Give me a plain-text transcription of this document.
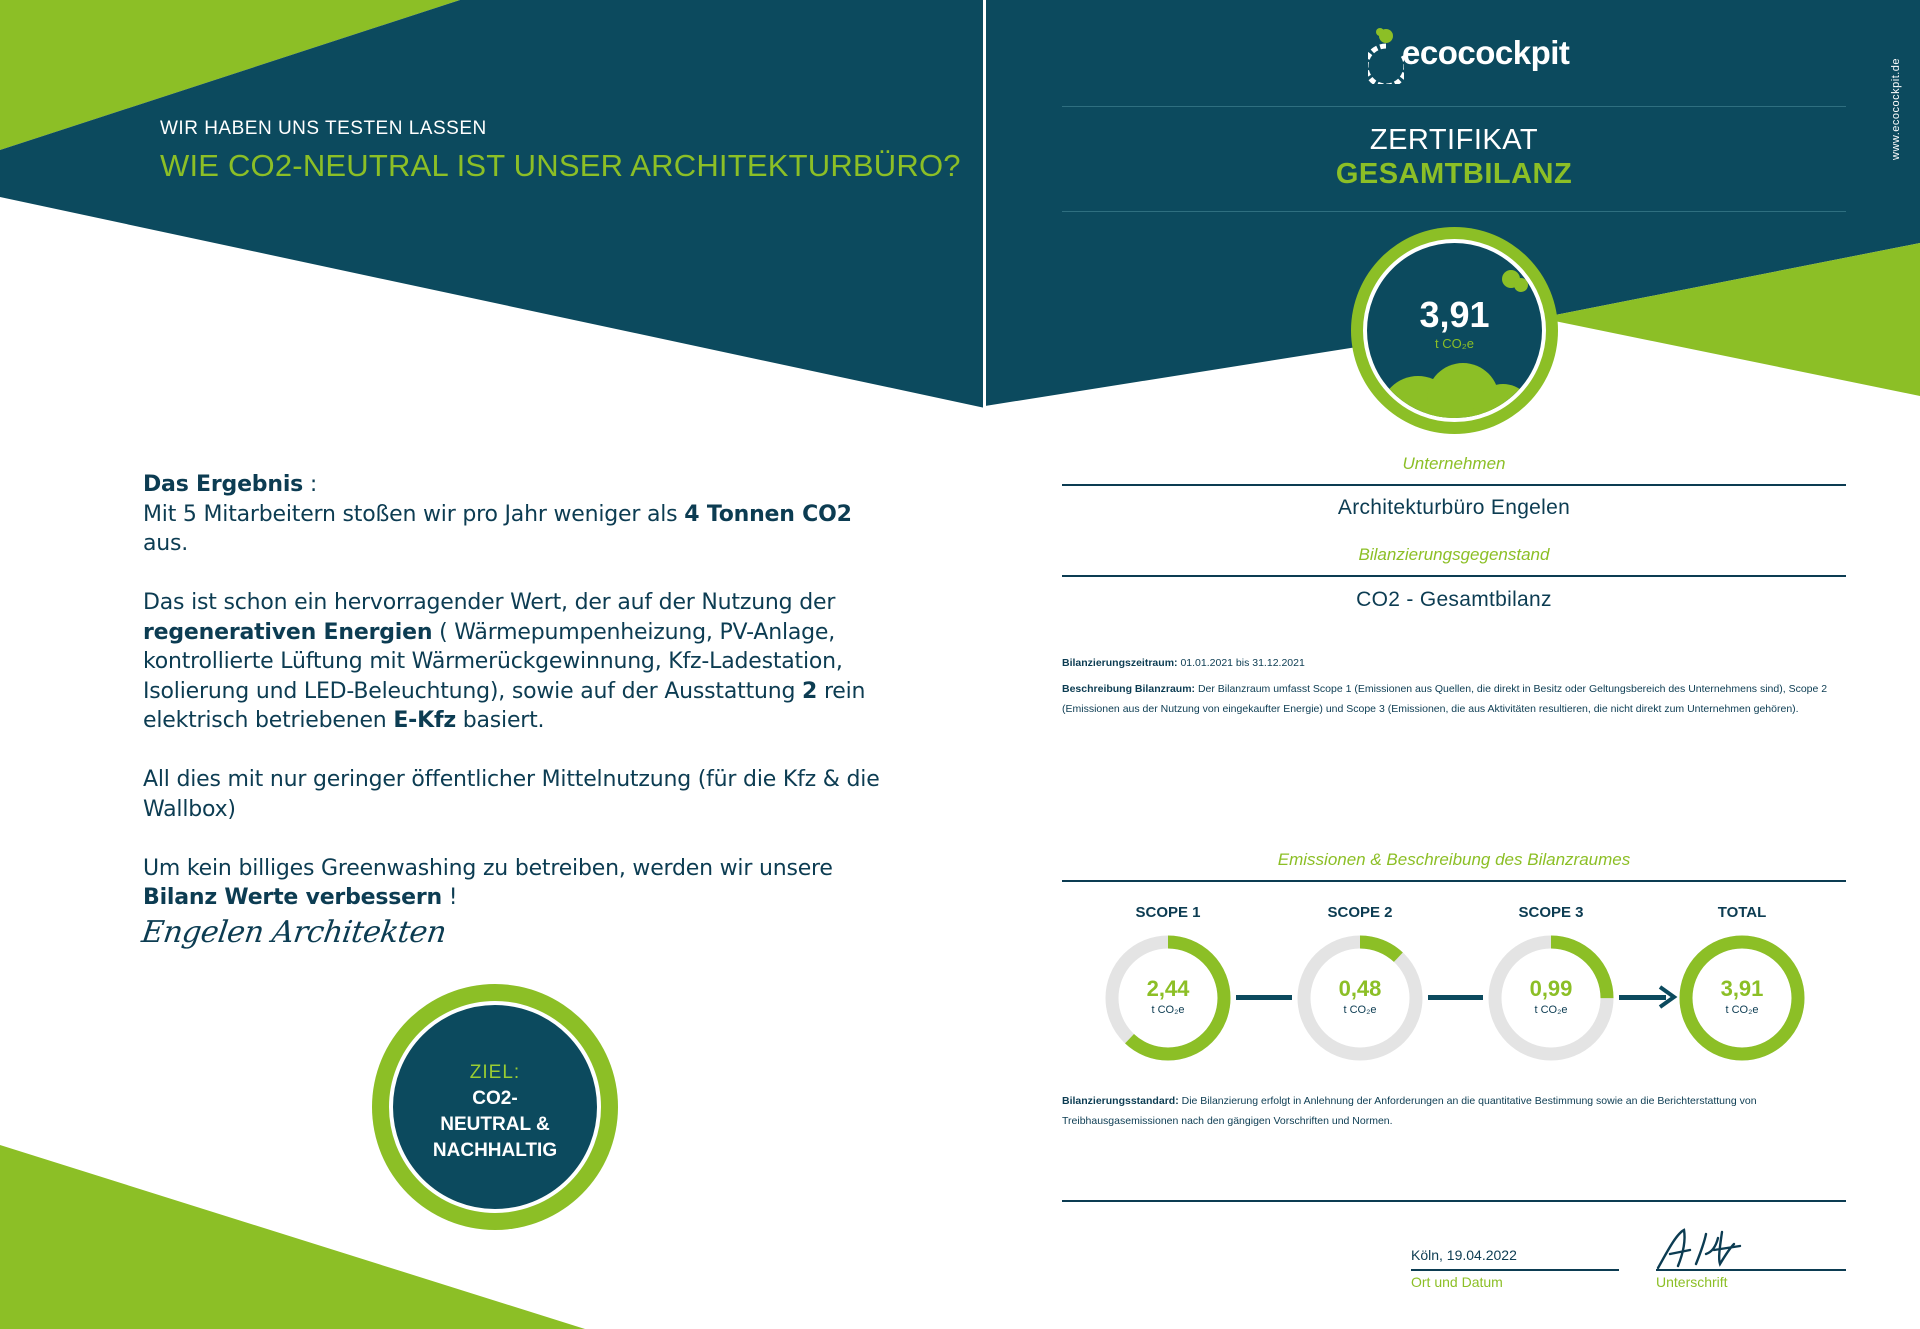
WIR HABEN UNS TESTEN LASSEN
WIE CO2-NEUTRAL IST UNSER ARCHITEKTURBÜRO?

Das Ergebnis :
Mit 5 Mitarbeitern stoßen wir pro Jahr weniger als 4 Tonnen CO2 aus.

Das ist schon ein hervorragender Wert, der auf der Nutzung der regenerativen Energien ( Wärmepumpenheizung, PV-Anlage, kontrollierte Lüftung mit Wärmerückgewinnung, Kfz-Ladestation, Isolierung und LED-Beleuchtung), sowie auf der Ausstattung 2 rein elektrisch betriebenen E-Kfz basiert.

All dies mit nur geringer öffentlicher Mittelnutzung (für die Kfz & die Wallbox)

Um kein billiges Greenwashing zu betreiben, werden wir unsere Bilanz Werte verbessern !

Engelen Architekten
ZIEL:
CO2-
NEUTRAL &
NACHHALTIG
ecocockpit
www.ecocockpit.de
ZERTIFIKAT
GESAMTBILANZ
3,91
t CO₂e
Unternehmen
Architekturbüro Engelen
Bilanzierungsgegenstand
CO2 - Gesamtbilanz
Bilanzierungszeitraum: 01.01.2021 bis 31.12.2021
Beschreibung Bilanzraum: Der Bilanzraum umfasst Scope 1 (Emissionen aus Quellen, die direkt in Besitz oder Geltungsbereich des Unternehmens sind), Scope 2 (Emissionen aus der Nutzung von eingekaufter Energie) und Scope 3 (Emissionen, die aus Aktivitäten resultieren, die nicht direkt zum Unternehmen gehören).
Emissionen & Beschreibung des Bilanzraumes
SCOPE 1
2,44
t CO₂e
SCOPE 2
0,48
t CO₂e
SCOPE 3
0,99
t CO₂e
TOTAL
3,91
t CO₂e
Bilanzierungsstandard: Die Bilanzierung erfolgt in Anlehnung der Anforderungen an die quantitative Bestimmung sowie an die Berichterstattung von Treibhausgasemissionen nach den gängigen Vorschriften und Normen.
Köln, 19.04.2022
Ort und Datum	Unterschrift
